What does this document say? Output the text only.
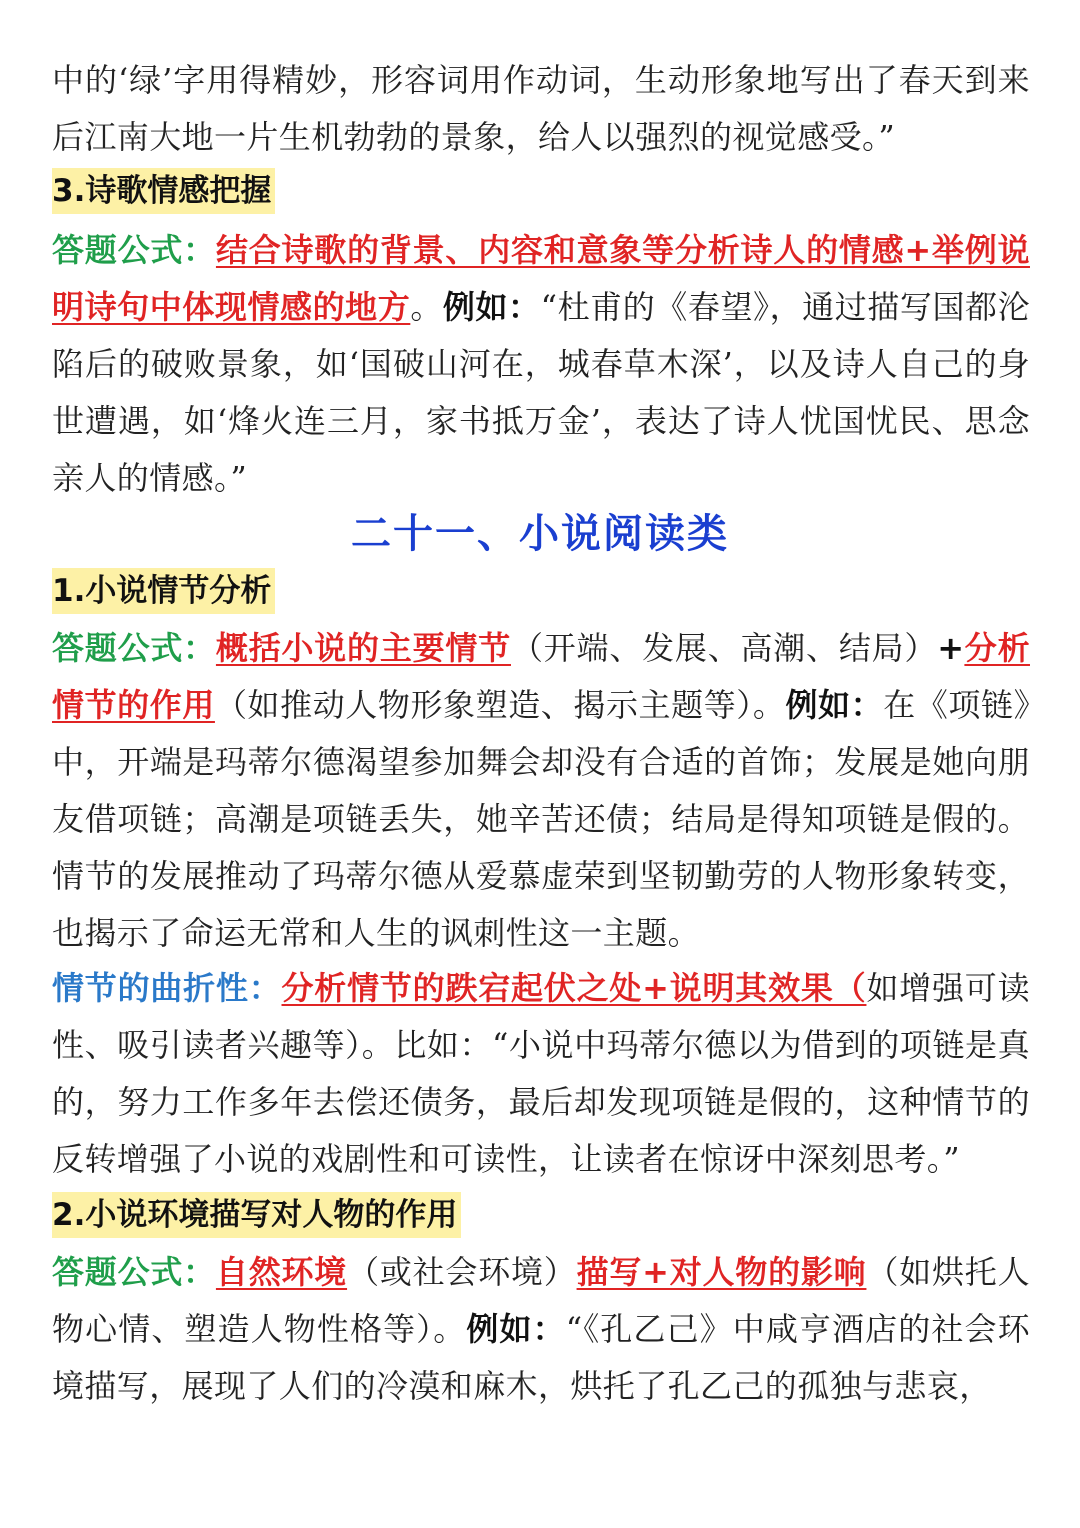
中的‘绿’字用得精妙，形容词用作动词，生动形象地写出了春天到来后江南大地一片生机勃勃的景象，给人以强烈的视觉感受。”
3.诗歌情感把握
答题公式：结合诗歌的背景、内容和意象等分析诗人的情感+举例说明诗句中体现情感的地方。例如：“杜甫的《春望》，通过描写国都沦陷后的破败景象，如‘国破山河在，城春草木深’，以及诗人自己的身世遭遇，如‘烽火连三月，家书抵万金’，表达了诗人忧国忧民、思念亲人的情感。”
二十一、小说阅读类
1.小说情节分析
答题公式：概括小说的主要情节（开端、发展、高潮、结局）+分析情节的作用（如推动人物形象塑造、揭示主题等）。例如：在《项链》中，开端是玛蒂尔德渴望参加舞会却没有合适的首饰；发展是她向朋友借项链；高潮是项链丢失，她辛苦还债；结局是得知项链是假的。情节的发展推动了玛蒂尔德从爱慕虚荣到坚韧勤劳的人物形象转变，也揭示了命运无常和人生的讽刺性这一主题。
情节的曲折性：分析情节的跌宕起伏之处+说明其效果（如增强可读性、吸引读者兴趣等）。比如：“小说中玛蒂尔德以为借到的项链是真的，努力工作多年去偿还债务，最后却发现项链是假的，这种情节的反转增强了小说的戏剧性和可读性，让读者在惊讶中深刻思考。”
2.小说环境描写对人物的作用
答题公式：自然环境（或社会环境）描写+对人物的影响（如烘托人物心情、塑造人物性格等）。例如：“《孔乙己》中咸亨酒店的社会环境描写，展现了人们的冷漠和麻木，烘托了孔乙己的孤独与悲哀，
